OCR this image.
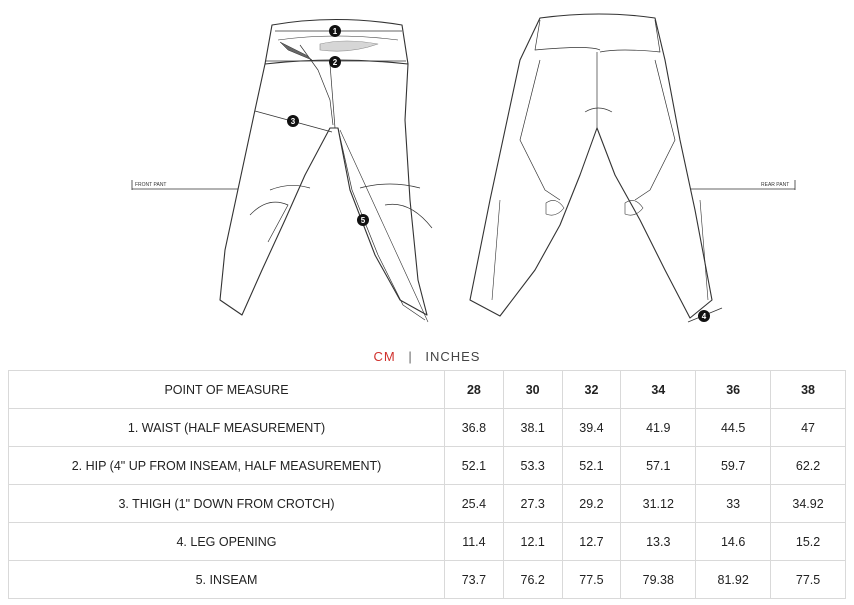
FRONT PANT	REAR PANT
1
2
3
5
4
CM | INCHES
POINT OF MEASURE	28	30	32	34	36	38
1. WAIST (HALF MEASUREMENT)	36.8	38.1	39.4	41.9	44.5	47
2. HIP (4" UP FROM INSEAM, HALF MEASUREMENT)	52.1	53.3	52.1	57.1	59.7	62.2
3. THIGH (1" DOWN FROM CROTCH)	25.4	27.3	29.2	31.12	33	34.92
4. LEG OPENING	11.4	12.1	12.7	13.3	14.6	15.2
5. INSEAM	73.7	76.2	77.5	79.38	81.92	77.5
